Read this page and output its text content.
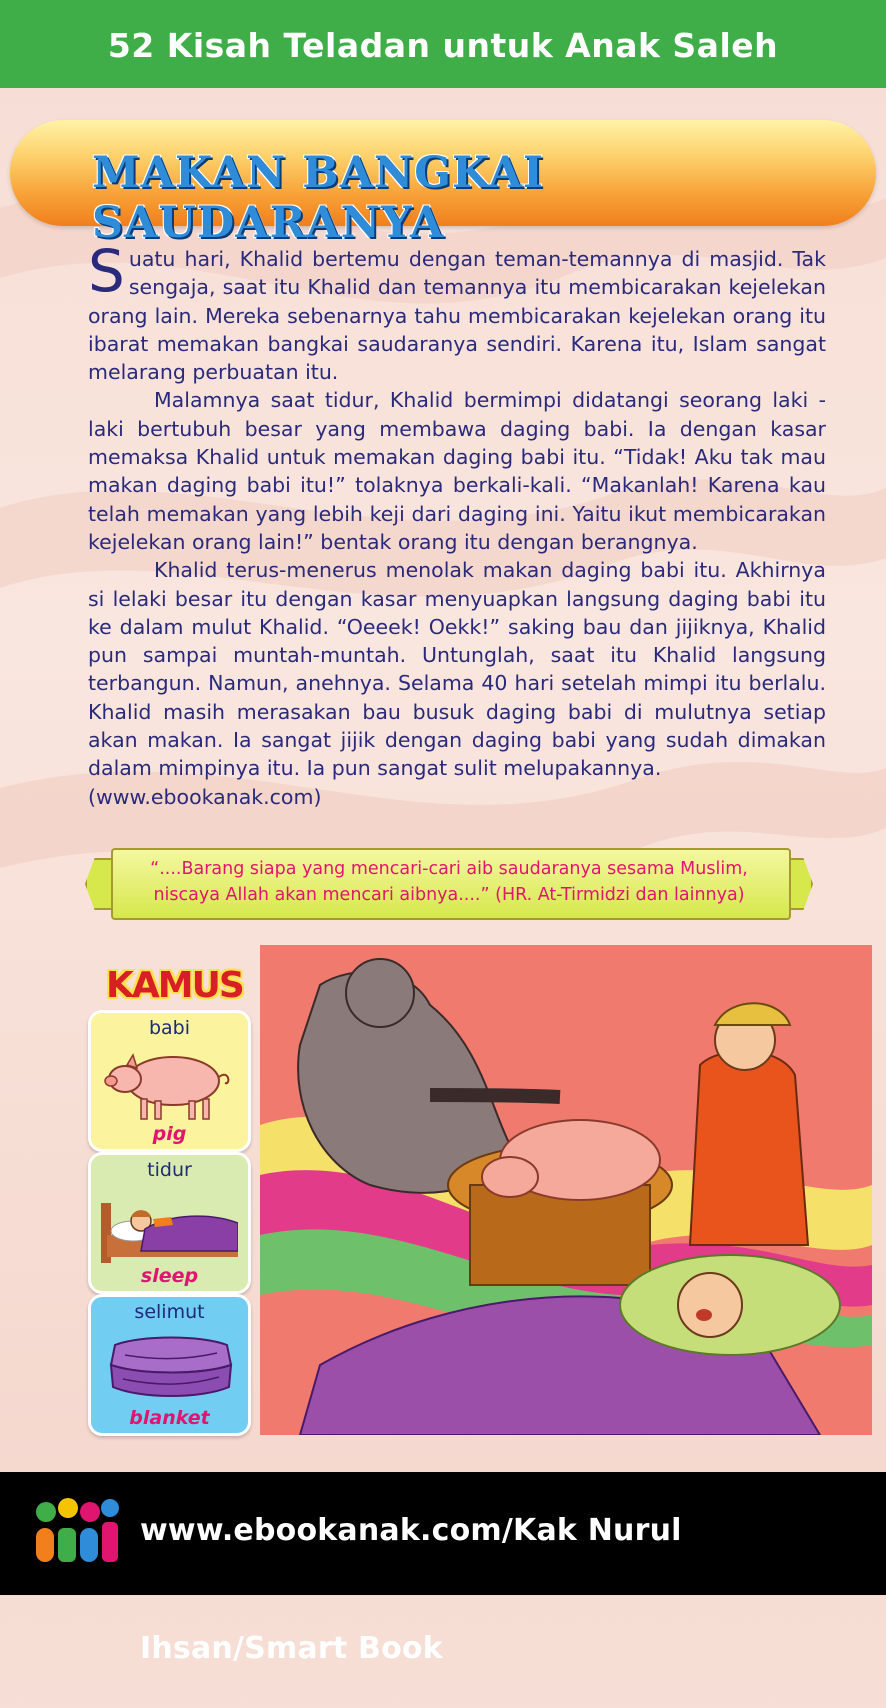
52 Kisah Teladan untuk Anak Saleh
MAKAN BANGKAI SAUDARANYA

Suatu hari, Khalid bertemu dengan teman-temannya di masjid. Tak sengaja, saat itu Khalid dan temannya itu membicarakan kejelekan orang lain. Mereka sebenarnya tahu membicarakan kejelekan orang itu ibarat memakan bangkai saudaranya sendiri. Karena itu, Islam sangat melarang perbuatan itu.

Malamnya saat tidur, Khalid bermimpi didatangi seorang laki -laki bertubuh besar yang membawa daging babi. Ia dengan kasar memaksa Khalid untuk memakan daging babi itu. “Tidak! Aku tak mau makan daging babi itu!” tolaknya berkali-kali. “Makanlah! Karena kau telah memakan yang lebih keji dari daging ini. Yaitu ikut membicarakan kejelekan orang lain!” bentak orang itu dengan berangnya.

Khalid terus-menerus menolak makan daging babi itu. Akhirnya si lelaki besar itu dengan kasar menyuapkan langsung daging babi itu ke dalam mulut Khalid. “Oeeek! Oekk!” saking bau dan jijiknya, Khalid pun sampai muntah-muntah. Untunglah, saat itu Khalid langsung terbangun. Namun, anehnya. Selama 40 hari setelah mimpi itu berlalu. Khalid masih merasakan bau busuk daging babi di mulutnya setiap akan makan. Ia sangat jijik dengan daging babi yang sudah dimakan dalam mimpinya itu. Ia pun sangat sulit melupakannya.

(www.ebookanak.com)

“....Barang siapa yang mencari-cari aib saudaranya sesama Muslim,
niscaya Allah akan mencari aibnya....” (HR. At-Tirmidzi dan lainnya)
KAMUS
babi
pig
tidur
sleep
selimut
blanket
www.ebookanak.com/Kak Nurul Ihsan/Smart Book
